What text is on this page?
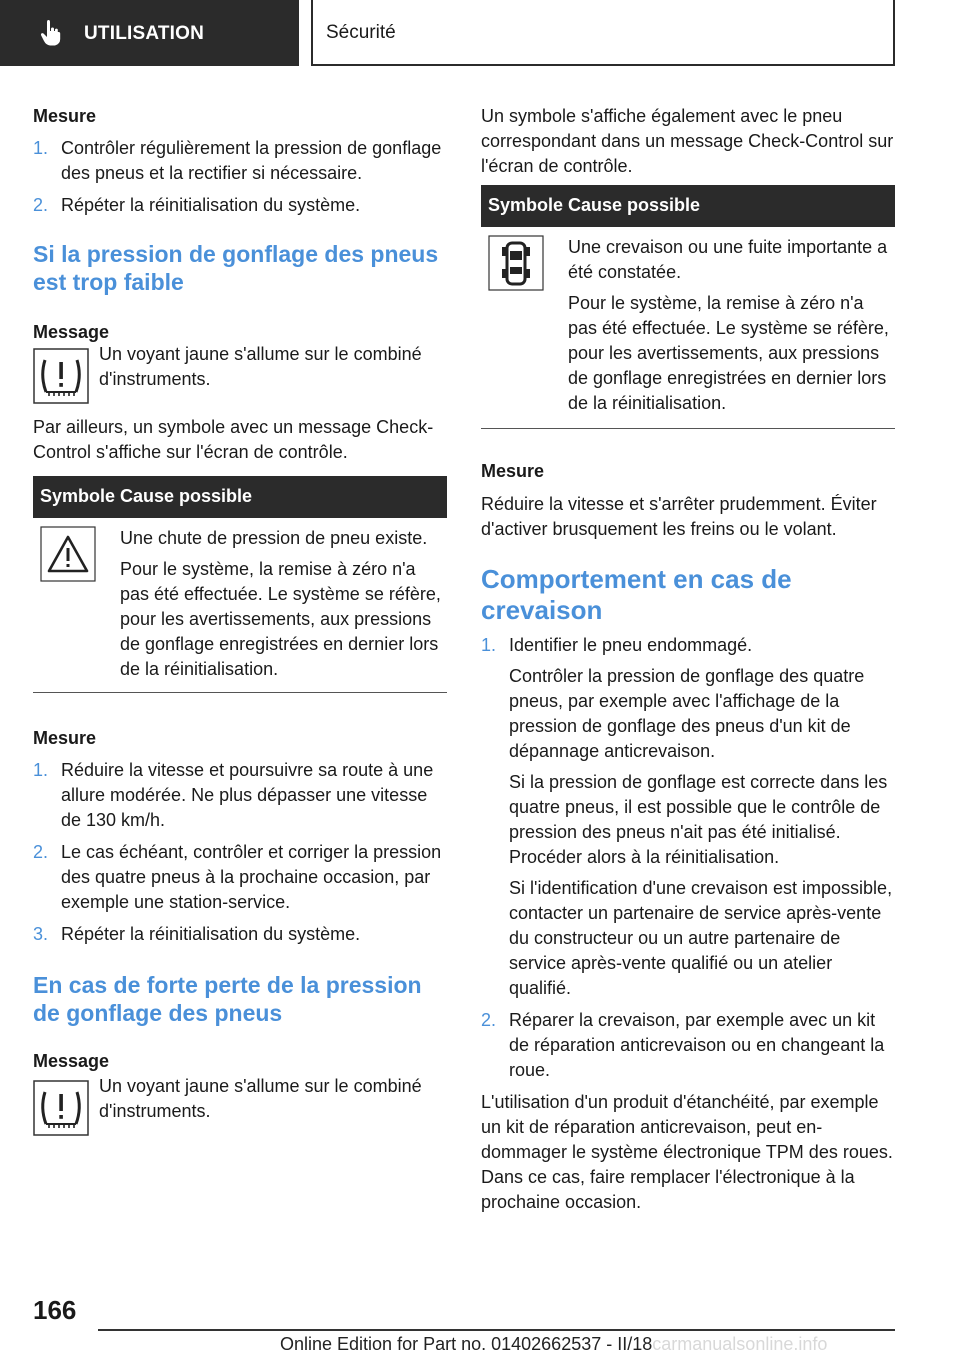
UTILISATION	Sécurité
Mesure
1. Contrôler régulièrement la pression de gonflage des pneus et la rectifier si nécessaire.
2. Répéter la réinitialisation du système.
Si la pression de gonflage des pneus est trop faible
Message

Un voyant jaune s'allume sur le combiné d'instruments.

Par ailleurs, un symbole avec un message Check-Control s'affiche sur l'écran de contrôle.

Symbole Cause possible

Une chute de pression de pneu existe.

Pour le système, la remise à zéro n'a pas été effectuée. Le système se réfère, pour les avertissements, aux pressions de gonflage enregistrées en dernier lors de la réinitialisation.

Mesure
1. Réduire la vitesse et poursuivre sa route à une allure modérée. Ne plus dépasser une vitesse de 130 km/h.
2. Le cas échéant, contrôler et corriger la pression des quatre pneus à la prochaine occasion, par exemple une station-service.
3. Répéter la réinitialisation du système.
En cas de forte perte de la pression de gonflage des pneus
Message

Un voyant jaune s'allume sur le combiné d'instruments.

Un symbole s'affiche également avec le pneu correspondant dans un message Check-Control sur l'écran de contrôle.

Symbole Cause possible

Une crevaison ou une fuite importante a été constatée.

Pour le système, la remise à zéro n'a pas été effectuée. Le système se réfère, pour les avertissements, aux pressions de gonflage enregistrées en dernier lors de la réinitialisation.

Mesure

Réduire la vitesse et s'arrêter prudemment. Éviter d'activer brusquement les freins ou le volant.

Comportement en cas de crevaison
1. Identifier le pneu endommagé.

Contrôler la pression de gonflage des quatre pneus, par exemple avec l'affichage de la pression de gonflage des pneus d'un kit de dépannage anticrevaison.

Si la pression de gonflage est correcte dans les quatre pneus, il est possible que le contrôle de pression des pneus n'ait pas été initialisé. Procéder alors à la réinitialisation.

Si l'identification d'une crevaison est impossible, contacter un partenaire de service après-vente du constructeur ou un autre partenaire de service après-vente qualifié ou un atelier qualifié.

2. Réparer la crevaison, par exemple avec un kit de réparation anticrevaison ou en changeant la roue.

L'utilisation d'un produit d'étanchéité, par exemple un kit de réparation anticrevaison, peut endommager le système électronique TPM des roues. Dans ce cas, faire remplacer l'électronique à la prochaine occasion.

166
Online Edition for Part no. 01402662537 - II/18carmanualsonline.info
